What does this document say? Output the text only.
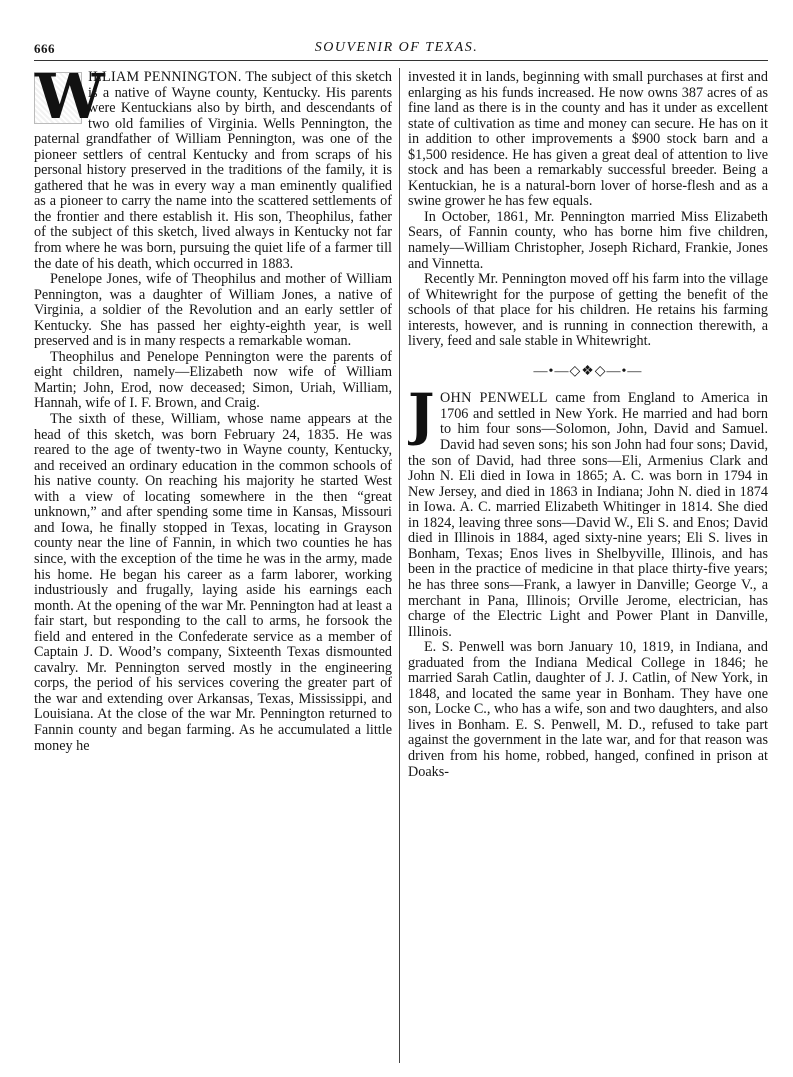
666	SOUVENIR OF TEXAS.

W
ILLIAM PENNINGTON. The subject of this sketch is a native of Wayne county, Kentucky. His parents were Kentuckians also by birth, and descendants of two old families of Virginia. Wells Pennington, the paternal grandfather of William Pennington, was one of the pioneer settlers of central Kentucky and from scraps of his personal history preserved in the traditions of the family, it is gathered that he was in every way a man eminently qualified as a pioneer to carry the name into the scattered settlements of the frontier and there establish it. His son, Theophilus, father of the subject of this sketch, lived always in Kentucky not far from where he was born, pursuing the quiet life of a farmer till the date of his death, which occurred in 1883.

Penelope Jones, wife of Theophilus and mother of William Pennington, was a daughter of William Jones, a native of Virginia, a soldier of the Revolution and an early settler of Kentucky. She has passed her eighty-eighth year, is well preserved and is in many respects a remarkable woman.

Theophilus and Penelope Pennington were the parents of eight children, namely—Elizabeth now wife of William Martin; John, Erod, now deceased; Simon, Uriah, William, Hannah, wife of I. F. Brown, and Craig.

The sixth of these, William, whose name appears at the head of this sketch, was born February 24, 1835. He was reared to the age of twenty-two in Wayne county, Kentucky, and received an ordinary education in the common schools of his native county. On reaching his majority he started West with a view of locating somewhere in the then “great unknown,” and after spending some time in Kansas, Missouri and Iowa, he finally stopped in Texas, locating in Grayson county near the line of Fannin, in which two counties he has since, with the exception of the time he was in the army, made his home. He began his career as a farm laborer, working industriously and frugally, laying aside his earnings each month. At the opening of the war Mr. Pennington had at least a fair start, but responding to the call to arms, he forsook the field and entered in the Confederate service as a member of Captain J. D. Wood’s company, Sixteenth Texas dismounted cavalry. Mr. Pennington served mostly in the engineering corps, the period of his services covering the greater part of the war and extending over Arkansas, Texas, Mississippi, and Louisiana. At the close of the war Mr. Pennington returned to Fannin county and began farming. As he accumulated a little money he

invested it in lands, beginning with small purchases at first and enlarging as his funds increased. He now owns 387 acres of as fine land as there is in the county and has it under as excellent state of cultivation as time and money can secure. He has on it in addition to other improvements a $900 stock barn and a $1,500 residence. He has given a great deal of attention to live stock and has been a remarkably successful breeder. Being a Kentuckian, he is a natural-born lover of horse-flesh and as a swine grower he has few equals.

In October, 1861, Mr. Pennington married Miss Elizabeth Sears, of Fannin county, who has borne him five children, namely—William Christopher, Joseph Richard, Frankie, Jones and Vinnetta.

Recently Mr. Pennington moved off his farm into the village of Whitewright for the purpose of getting the benefit of the schools of that place for his children. He retains his farming interests, however, and is running in connection therewith, a livery, feed and sale stable in Whitewright.

—•—◇❖◇—•—

JOHN PENWELL came from England to America in 1706 and settled in New York. He married and had born to him four sons—Solomon, John, David and Samuel. David had seven sons; his son John had four sons; David, the son of David, had three sons—Eli, Armenius Clark and John N. Eli died in Iowa in 1865; A. C. was born in 1794 in New Jersey, and died in 1863 in Indiana; John N. died in 1874 in Iowa. A. C. married Elizabeth Whitinger in 1814. She died in 1824, leaving three sons—David W., Eli S. and Enos; David died in Illinois in 1884, aged sixty-nine years; Eli S. lives in Bonham, Texas; Enos lives in Shelbyville, Illinois, and has been in the practice of medicine in that place thirty-five years; he has three sons—Frank, a lawyer in Danville; George V., a merchant in Pana, Illinois; Orville Jerome, electrician, has charge of the Electric Light and Power Plant in Danville, Illinois.

E. S. Penwell was born January 10, 1819, in Indiana, and graduated from the Indiana Medical College in 1846; he married Sarah Catlin, daughter of J. J. Catlin, of New York, in 1848, and located the same year in Bonham. They have one son, Locke C., who has a wife, son and two daughters, and also lives in Bonham. E. S. Penwell, M. D., refused to take part against the government in the late war, and for that reason was driven from his home, robbed, hanged, confined in prison at Doaks-
